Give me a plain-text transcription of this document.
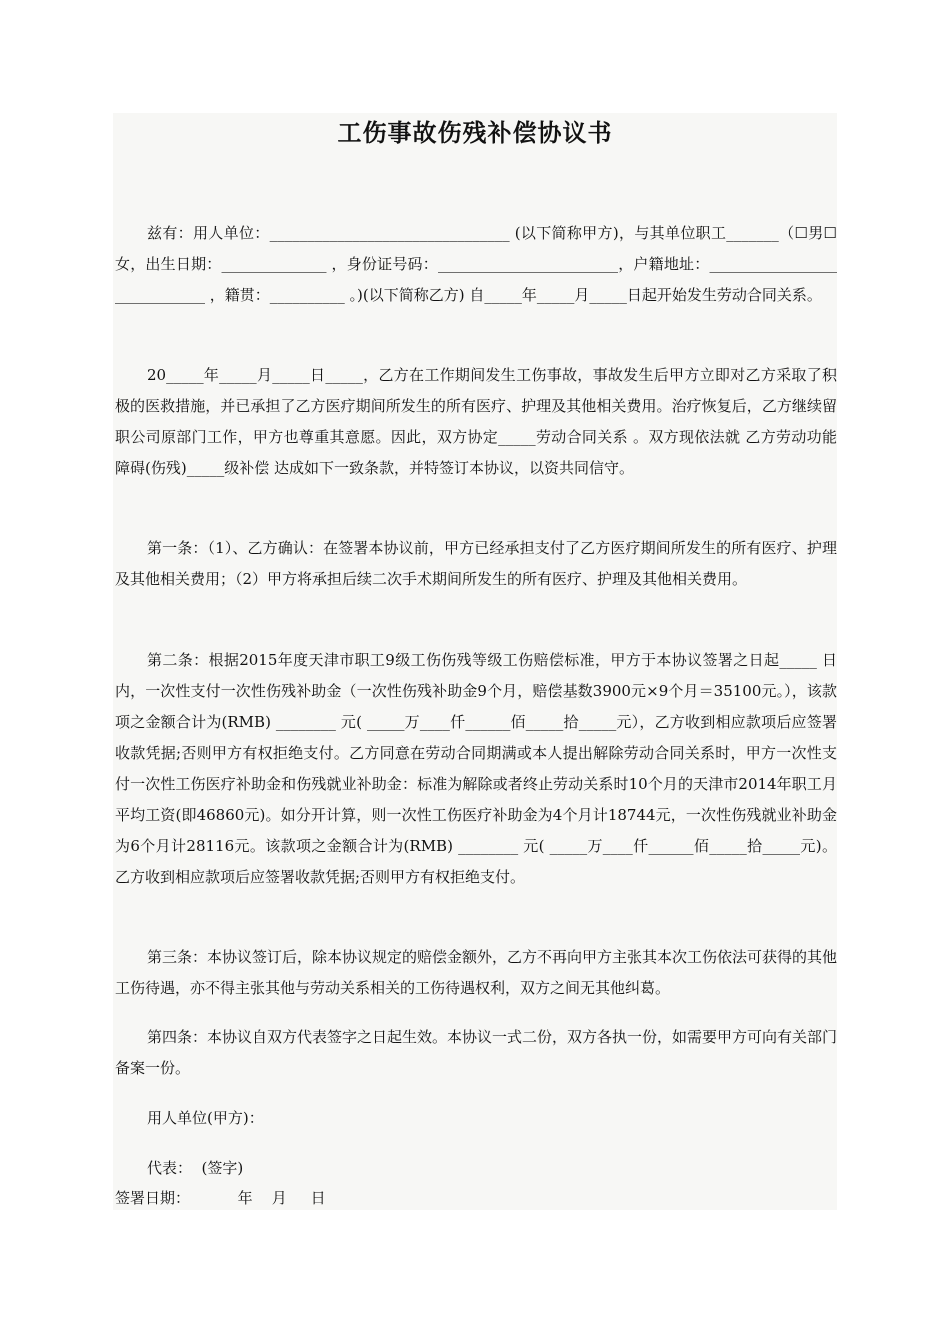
工伤事故伤残补偿协议书

兹有：用人单位：________________________________ (以下简称甲方)，与其单位职工_______（☐男☐女，出生日期：______________ ，身份证号码：________________________，户籍地址：_____________________________ ，籍贯：__________ 。)(以下简称乙方) 自_____年_____月_____日起开始发生劳动合同关系。

20_____年_____月_____日_____，乙方在工作期间发生工伤事故，事故发生后甲方立即对乙方采取了积极的医救措施，并已承担了乙方医疗期间所发生的所有医疗、护理及其他相关费用。治疗恢复后，乙方继续留职公司原部门工作，甲方也尊重其意愿。因此，双方协定_____劳动合同关系 。双方现依法就 乙方劳动功能障碍(伤残)_____级补偿 达成如下一致条款，并特签订本协议，以资共同信守。

第一条：（1）、乙方确认：在签署本协议前，甲方已经承担支付了乙方医疗期间所发生的所有医疗、护理及其他相关费用；（2）甲方将承担后续二次手术期间所发生的所有医疗、护理及其他相关费用。

第二条：根据2015年度天津市职工9级工伤伤残等级工伤赔偿标准，甲方于本协议签署之日起_____ 日内，一次性支付一次性伤残补助金（一次性伤残补助金9个月，赔偿基数3900元×9个月＝35100元。），该款项之金额合计为(RMB) ________ 元( _____万____仟______佰_____拾_____元），乙方收到相应款项后应签署收款凭据;否则甲方有权拒绝支付。乙方同意在劳动合同期满或本人提出解除劳动合同关系时，甲方一次性支付一次性工伤医疗补助金和伤残就业补助金：标准为解除或者终止劳动关系时10个月的天津市2014年职工月平均工资(即46860元)。如分开计算，则一次性工伤医疗补助金为4个月计18744元，一次性伤残就业补助金为6个月计28116元。该款项之金额合计为(RMB) ________ 元( _____万____仟______佰_____拾_____元)。乙方收到相应款项后应签署收款凭据;否则甲方有权拒绝支付。

第三条：本协议签订后，除本协议规定的赔偿金额外，乙方不再向甲方主张其本次工伤依法可获得的其他工伤待遇，亦不得主张其他与劳动关系相关的工伤待遇权利，双方之间无其他纠葛。

第四条：本协议自双方代表签字之日起生效。本协议一式二份，双方各执一份，如需要甲方可向有关部门备案一份。

用人单位(甲方)：

代表：  (签字)

签署日期：          年    月     日
